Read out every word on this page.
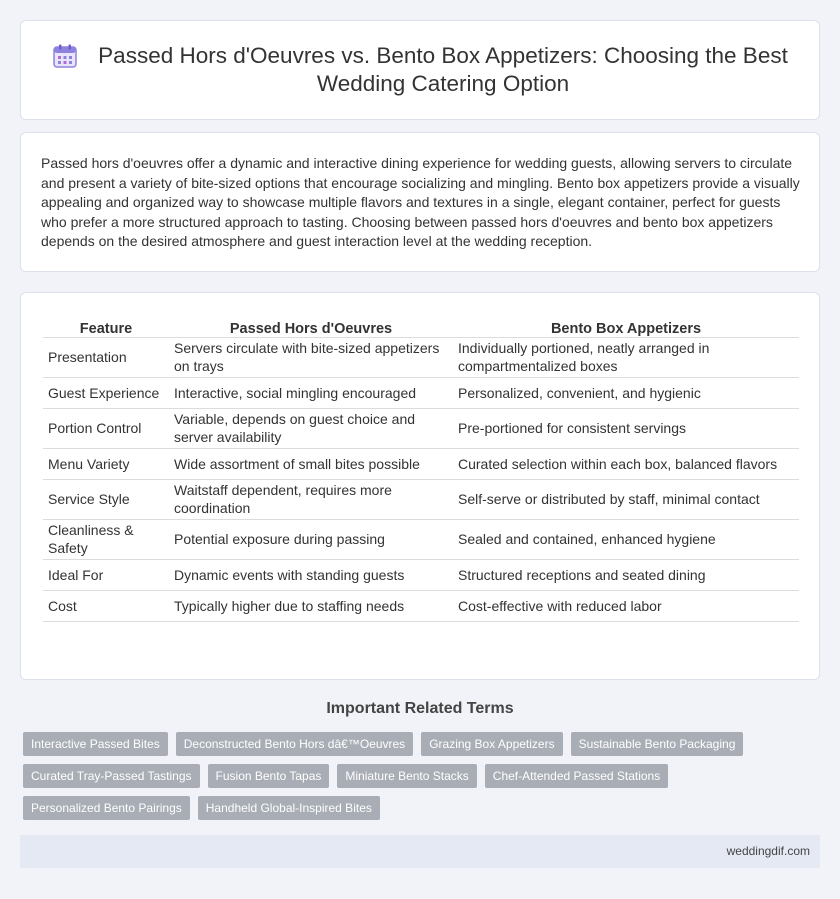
Passed Hors d'Oeuvres vs. Bento Box Appetizers: Choosing the Best Wedding Catering Option

Passed hors d'oeuvres offer a dynamic and interactive dining experience for wedding guests, allowing servers to circulate and present a variety of bite-sized options that encourage socializing and mingling. Bento box appetizers provide a visually appealing and organized way to showcase multiple flavors and textures in a single, elegant container, perfect for guests who prefer a more structured approach to tasting. Choosing between passed hors d'oeuvres and bento box appetizers depends on the desired atmosphere and guest interaction level at the wedding reception.

Feature	Passed Hors d'Oeuvres	Bento Box Appetizers
Presentation	Servers circulate with bite-sized appetizers on trays	Individually portioned, neatly arranged in compartmentalized boxes
Guest Experience	Interactive, social mingling encouraged	Personalized, convenient, and hygienic
Portion Control	Variable, depends on guest choice and server availability	Pre-portioned for consistent servings
Menu Variety	Wide assortment of small bites possible	Curated selection within each box, balanced flavors
Service Style	Waitstaff dependent, requires more coordination	Self-serve or distributed by staff, minimal contact
Cleanliness & Safety	Potential exposure during passing	Sealed and contained, enhanced hygiene
Ideal For	Dynamic events with standing guests	Structured receptions and seated dining
Cost	Typically higher due to staffing needs	Cost-effective with reduced labor
Important Related Terms
Interactive Passed Bites	Deconstructed Bento Hors dâ€™Oeuvres	Grazing Box Appetizers	Sustainable Bento Packaging
Curated Tray-Passed Tastings	Fusion Bento Tapas	Miniature Bento Stacks	Chef-Attended Passed Stations
Personalized Bento Pairings	Handheld Global-Inspired Bites
weddingdif.com
